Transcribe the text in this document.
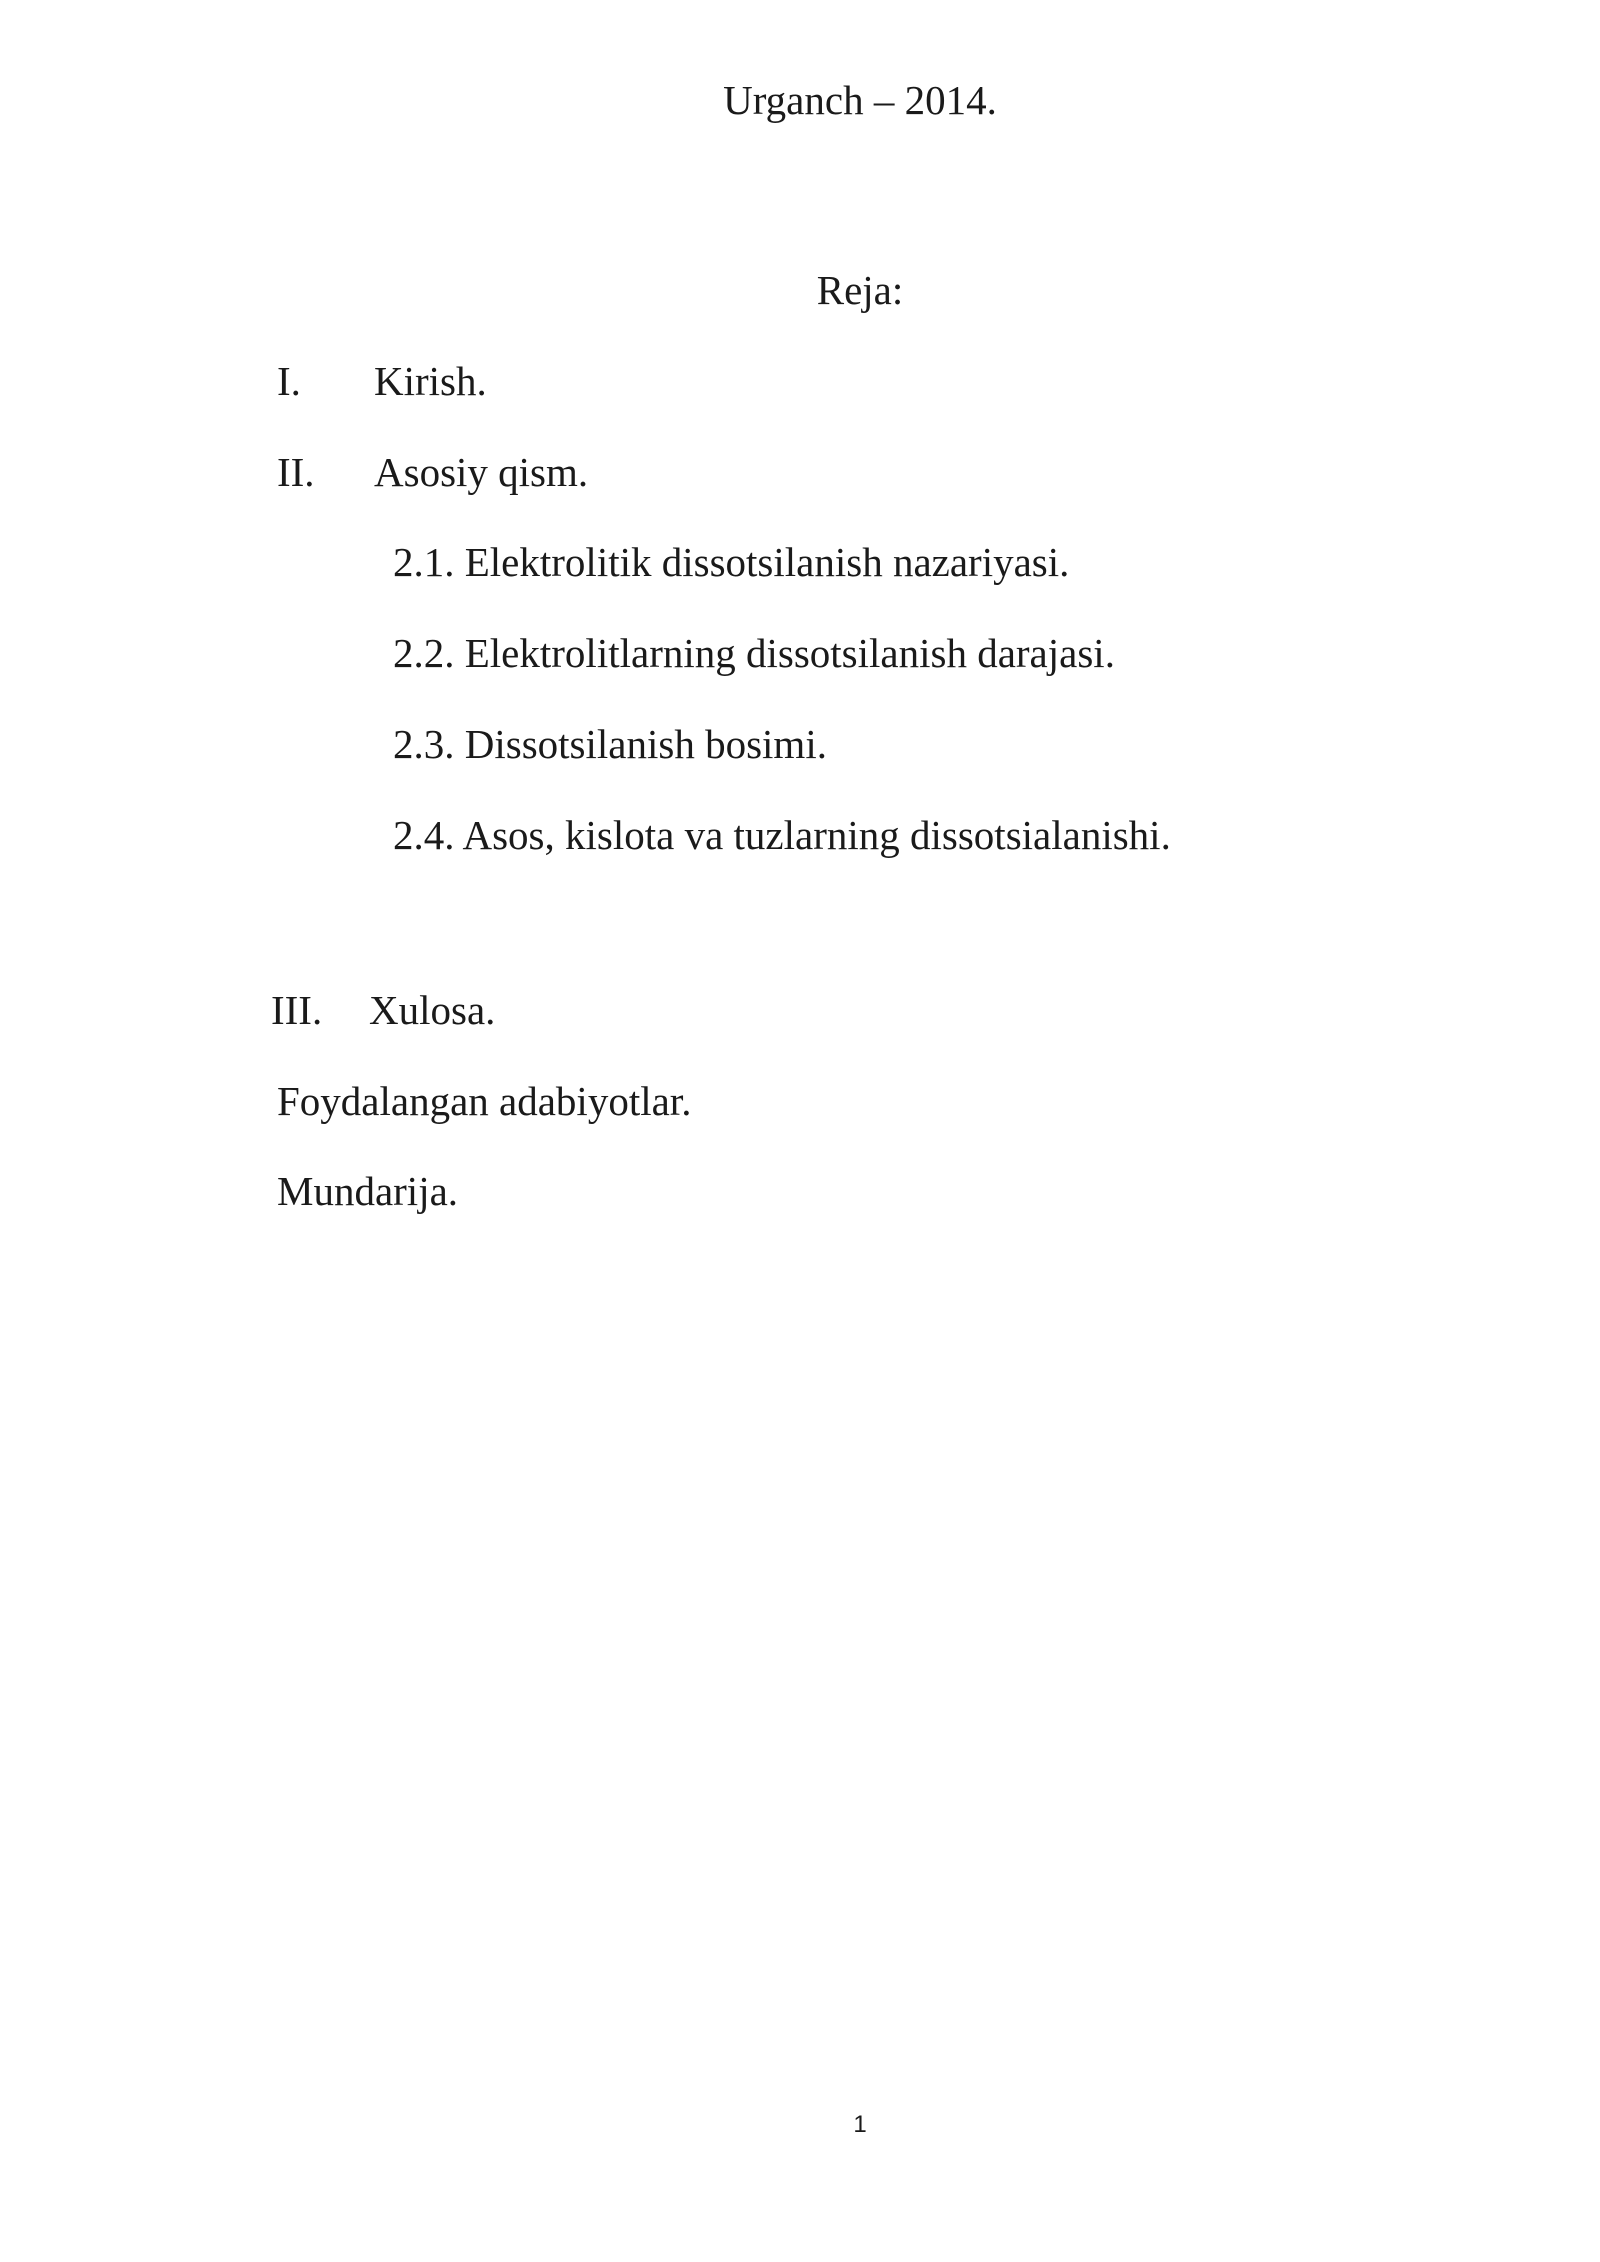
Urganch – 2014.
Reja:
I. Kirish.
II. Asosiy qism.
2.1. Elektrolitik dissotsilanish nazariyasi.
2.2. Elektrolitlarning dissotsilanish darajasi.
2.3. Dissotsilanish bosimi.
2.4. Asos, kislota va tuzlarning dissotsialanishi.
III. Xulosa.
Foydalangan adabiyotlar.
Mundarija.
1
